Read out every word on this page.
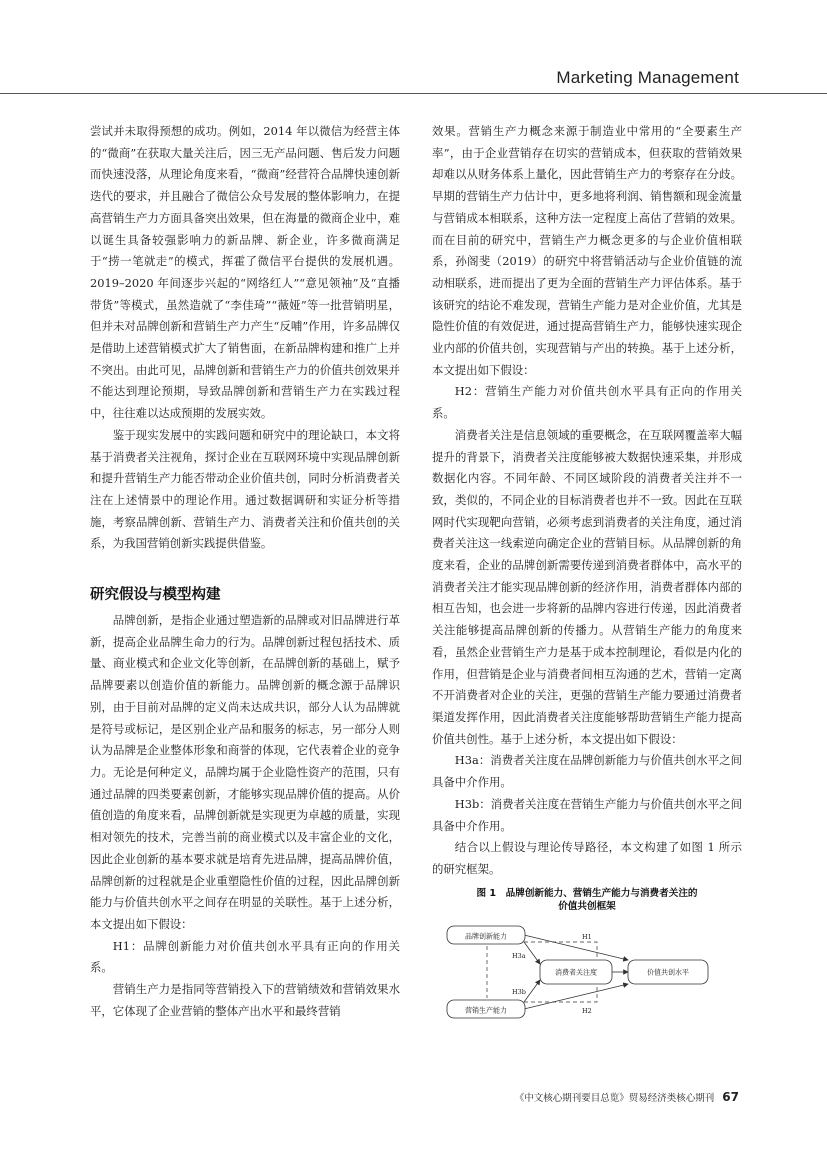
Marketing Management

尝试并未取得预想的成功。例如，2014 年以微信为经营主体的“微商”在获取大量关注后，因三无产品问题、售后发力问题而快速没落，从理论角度来看，“微商”经营符合品牌快速创新迭代的要求，并且融合了微信公众号发展的整体影响力，在提高营销生产力方面具备突出效果，但在海量的微商企业中，难以诞生具备较强影响力的新品牌、新企业，许多微商满足于“捞一笔就走”的模式，挥霍了微信平台提供的发展机遇。2019–2020 年间逐步兴起的“网络红人”“意见领袖”及“直播带货”等模式，虽然造就了“李佳琦”“薇娅”等一批营销明星，但并未对品牌创新和营销生产力产生“反哺”作用，许多品牌仅是借助上述营销模式扩大了销售面，在新品牌构建和推广上并不突出。由此可见，品牌创新和营销生产力的价值共创效果并不能达到理论预期，导致品牌创新和营销生产力在实践过程中，往往难以达成预期的发展实效。

鉴于现实发展中的实践问题和研究中的理论缺口，本文将基于消费者关注视角，探讨企业在互联网环境中实现品牌创新和提升营销生产力能否带动企业价值共创，同时分析消费者关注在上述情景中的理论作用。通过数据调研和实证分析等措施，考察品牌创新、营销生产力、消费者关注和价值共创的关系，为我国营销创新实践提供借鉴。

研究假设与模型构建

品牌创新，是指企业通过塑造新的品牌或对旧品牌进行革新，提高企业品牌生命力的行为。品牌创新过程包括技术、质量、商业模式和企业文化等创新，在品牌创新的基础上，赋予品牌要素以创造价值的新能力。品牌创新的概念源于品牌识别，由于目前对品牌的定义尚未达成共识，部分人认为品牌就是符号或标记，是区别企业产品和服务的标志，另一部分人则认为品牌是企业整体形象和商誉的体现，它代表着企业的竞争力。无论是何种定义，品牌均属于企业隐性资产的范围，只有通过品牌的四类要素创新，才能够实现品牌价值的提高。从价值创造的角度来看，品牌创新就是实现更为卓越的质量，实现相对领先的技术，完善当前的商业模式以及丰富企业的文化，因此企业创新的基本要求就是培育先进品牌，提高品牌价值，品牌创新的过程就是企业重塑隐性价值的过程，因此品牌创新能力与价值共创水平之间存在明显的关联性。基于上述分析，本文提出如下假设：

H1：品牌创新能力对价值共创水平具有正向的作用关系。

营销生产力是指同等营销投入下的营销绩效和营销效果水平，它体现了企业营销的整体产出水平和最终营销

效果。营销生产力概念来源于制造业中常用的“全要素生产率”，由于企业营销存在切实的营销成本，但获取的营销效果却难以从财务体系上量化，因此营销生产力的考察存在分歧。早期的营销生产力估计中，更多地将利润、销售额和现金流量与营销成本相联系，这种方法一定程度上高估了营销的效果。而在目前的研究中，营销生产力概念更多的与企业价值相联系，孙阁斐（2019）的研究中将营销活动与企业价值链的流动相联系，进而提出了更为全面的营销生产力评估体系。基于该研究的结论不难发现，营销生产能力是对企业价值，尤其是隐性价值的有效促进，通过提高营销生产力，能够快速实现企业内部的价值共创，实现营销与产出的转换。基于上述分析，本文提出如下假设：

H2：营销生产能力对价值共创水平具有正向的作用关系。

消费者关注是信息领域的重要概念，在互联网覆盖率大幅提升的背景下，消费者关注度能够被大数据快速采集，并形成数据化内容。不同年龄、不同区域阶段的消费者关注并不一致，类似的，不同企业的目标消费者也并不一致。因此在互联网时代实现靶向营销，必须考虑到消费者的关注角度，通过消费者关注这一线索逆向确定企业的营销目标。从品牌创新的角度来看，企业的品牌创新需要传递到消费者群体中，高水平的消费者关注才能实现品牌创新的经济作用，消费者群体内部的相互告知，也会进一步将新的品牌内容进行传递，因此消费者关注能够提高品牌创新的传播力。从营销生产能力的角度来看，虽然企业营销生产力是基于成本控制理论，看似是内化的作用，但营销是企业与消费者间相互沟通的艺术，营销一定离不开消费者对企业的关注，更强的营销生产能力要通过消费者渠道发挥作用，因此消费者关注度能够帮助营销生产能力提高价值共创性。基于上述分析，本文提出如下假设：

H3a：消费者关注度在品牌创新能力与价值共创水平之间具备中介作用。

H3b：消费者关注度在营销生产能力与价值共创水平之间具备中介作用。

结合以上假设与理论传导路径，本文构建了如图 1 所示的研究框架。

图 1　品牌创新能力、营销生产能力与消费者关注的
价值共创框架

品牌创新能力
消费者关注度	价值共创水平
营销生产能力
H1
H3a
H3b
H2
《中文核心期刊要目总览》贸易经济类核心期刊 67
